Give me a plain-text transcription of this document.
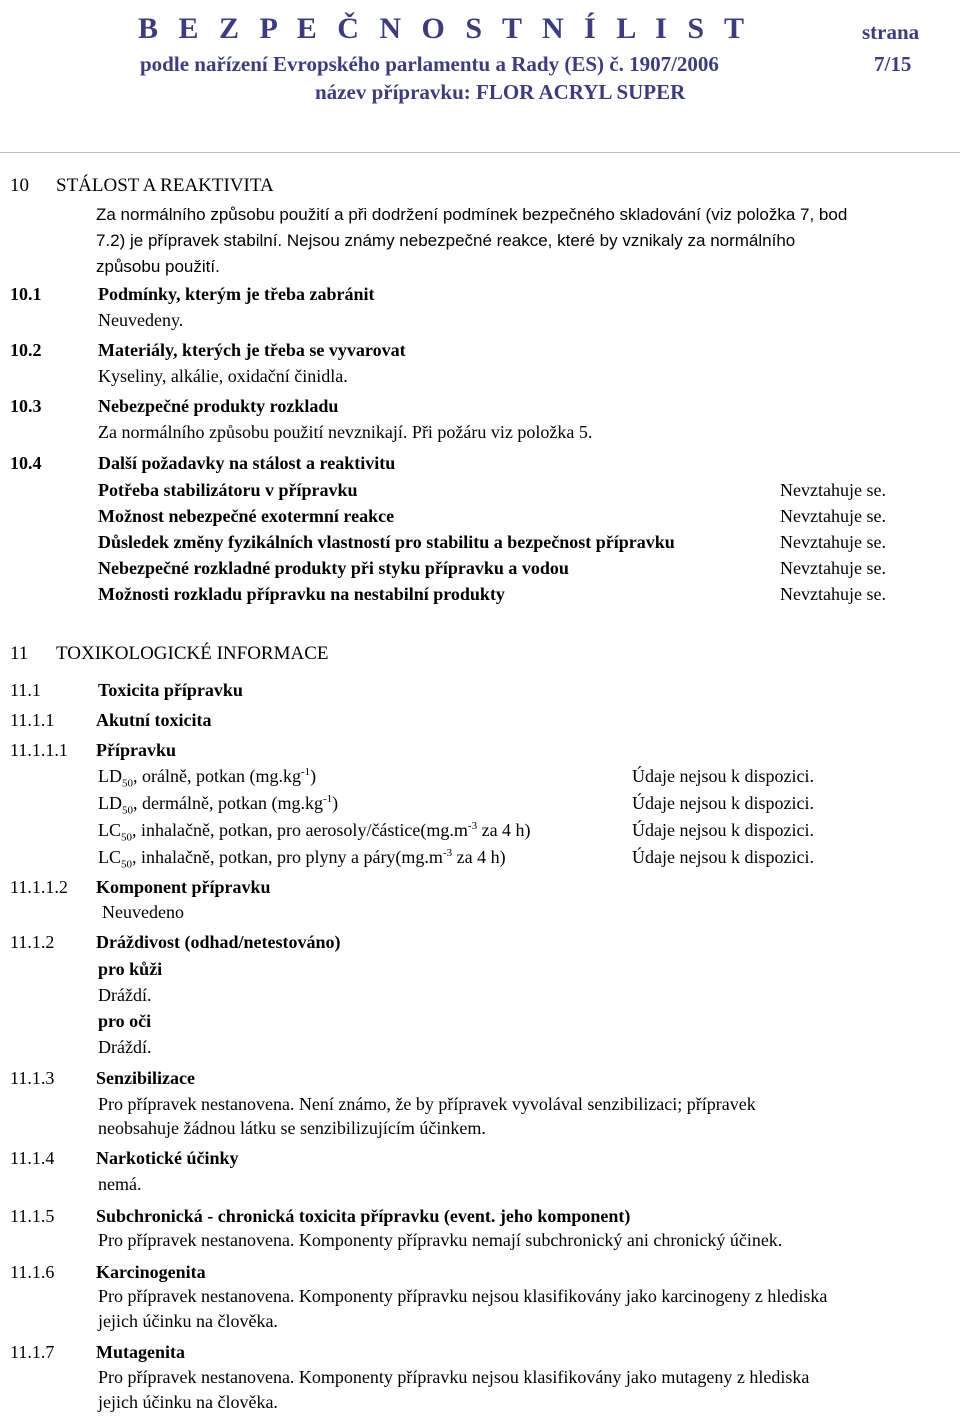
B E Z P E Č N O S T N Í L I S T	strana
podle nařízení Evropského parlamentu a Rady (ES) č. 1907/2006	7/15
název přípravku: FLOR ACRYL SUPER
10 STÁLOST A REAKTIVITA
Za normálního způsobu použití a při dodržení podmínek bezpečného skladování (viz položka 7, bod
7.2) je přípravek stabilní. Nejsou známy nebezpečné reakce, které by vznikaly za normálního
způsobu použití.
10.1	Podmínky, kterým je třeba zabránit
Neuvedeny.
10.2	Materiály, kterých je třeba se vyvarovat
Kyseliny, alkálie, oxidační činidla.
10.3	Nebezpečné produkty rozkladu
Za normálního způsobu použití nevznikají. Při požáru viz položka 5.
10.4	Další požadavky na stálost a reaktivitu
Potřeba stabilizátoru v přípravku	Nevztahuje se.
Možnost nebezpečné exotermní reakce	Nevztahuje se.
Důsledek změny fyzikálních vlastností pro stabilitu a bezpečnost přípravku	Nevztahuje se.
Nebezpečné rozkladné produkty při styku přípravku a vodou	Nevztahuje se.
Možnosti rozkladu přípravku na nestabilní produkty	Nevztahuje se.
11 TOXIKOLOGICKÉ INFORMACE
11.1	Toxicita přípravku
11.1.1 Akutní toxicita
11.1.1.1 Přípravku
$LD_{50}$, orálně, potkan $(mg.kg^{-1})$	Údaje nejsou k dispozici.
$LD_{50}$, dermálně, potkan $(mg.kg^{-1})$	Údaje nejsou k dispozici.
$LC_{50}$, inhalačně, potkan, pro aerosoly/$částice(mg.m^{-3}$ za 4 h)	Údaje nejsou k dispozici.
$LC_{50}$, inhalačně, potkan, pro plyny a $páry(mg.m^{-3}$ za 4 h)	Údaje nejsou k dispozici.
11.1.1.2 Komponent přípravku
Neuvedeno
11.1.2 Dráždivost (odhad/netestováno)
pro kůži
Dráždí.
pro oči
Dráždí.
11.1.3 Senzibilizace
Pro přípravek nestanovena. Není známo, že by přípravek vyvolával senzibilizaci; přípravek
neobsahuje žádnou látku se senzibilizujícím účinkem.
11.1.4 Narkotické účinky
nemá.
11.1.5 Subchronická - chronická toxicita přípravku (event. jeho komponent)
Pro přípravek nestanovena. Komponenty přípravku nemají subchronický ani chronický účinek.
11.1.6 Karcinogenita
Pro přípravek nestanovena. Komponenty přípravku nejsou klasifikovány jako karcinogeny z hlediska
jejich účinku na člověka.
11.1.7 Mutagenita
Pro přípravek nestanovena. Komponenty přípravku nejsou klasifikovány jako mutageny z hlediska
jejich účinku na člověka.
